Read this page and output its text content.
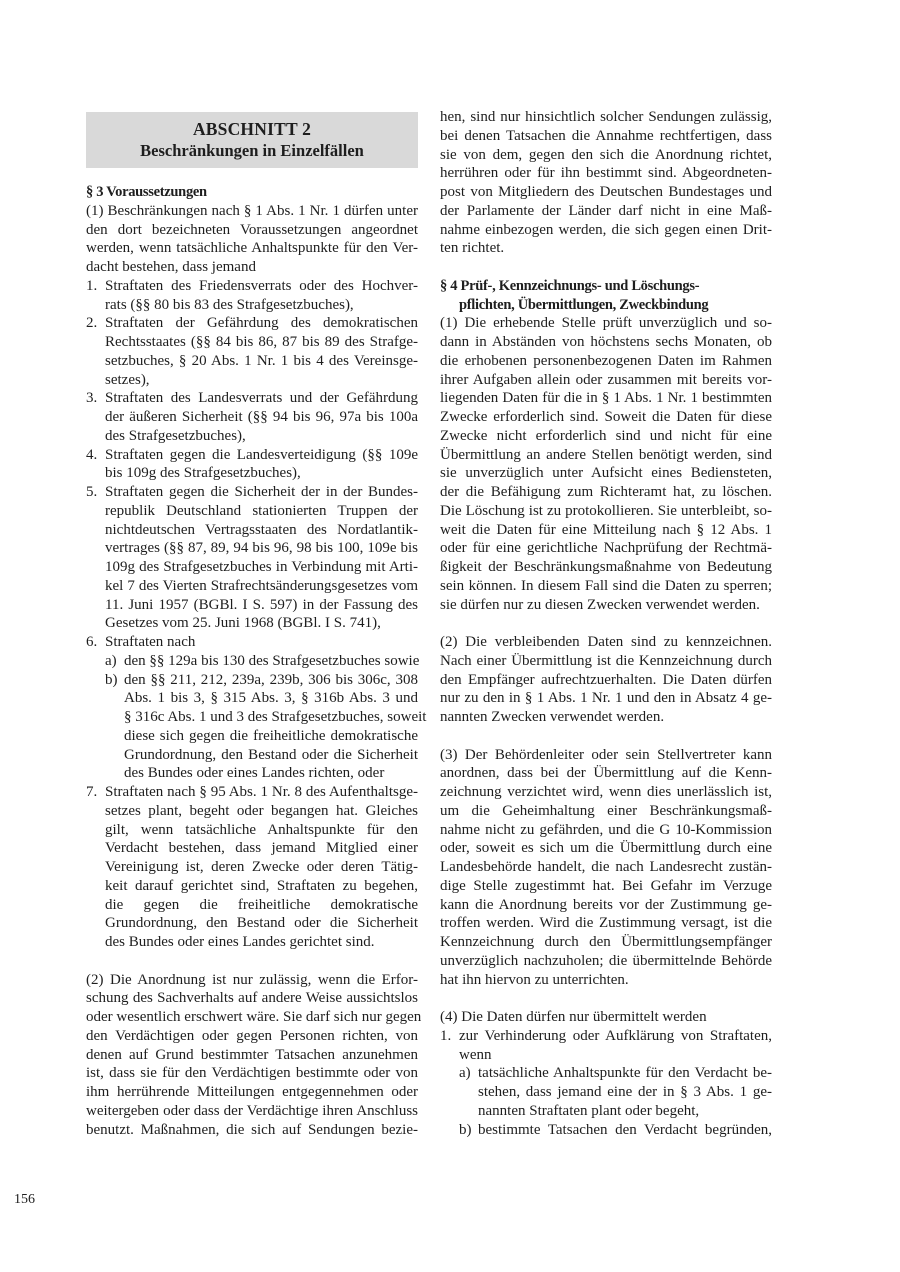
ABSCHNITT 2
Beschränkungen in Einzelfällen
§ 3 Voraussetzungen
(1) Beschränkungen nach § 1 Abs. 1 Nr. 1 dürfen unter
den dort bezeichneten Voraussetzungen angeordnet
werden, wenn tatsächliche Anhaltspunkte für den Ver-
dacht bestehen, dass jemand
1. Straftaten des Friedensverrats oder des Hochver-
rats (§§ 80 bis 83 des Strafgesetzbuches),
2. Straftaten der Gefährdung des demokratischen
Rechtsstaates (§§ 84 bis 86, 87 bis 89 des Strafge-
setzbuches, § 20 Abs. 1 Nr. 1 bis 4 des Vereinsge-
setzes),
3. Straftaten des Landesverrats und der Gefährdung
der äußeren Sicherheit (§§ 94 bis 96, 97a bis 100a
des Strafgesetzbuches),
4. Straftaten gegen die Landesverteidigung (§§ 109e
bis 109g des Strafgesetzbuches),
5. Straftaten gegen die Sicherheit der in der Bundes-
republik Deutschland stationierten Truppen der
nichtdeutschen Vertragsstaaten des Nordatlantik-
vertrages (§§ 87, 89, 94 bis 96, 98 bis 100, 109e bis
109g des Strafgesetzbuches in Verbindung mit Arti-
kel 7 des Vierten Strafrechtsänderungsgesetzes vom
11. Juni 1957 (BGBl. I S. 597) in der Fassung des
Gesetzes vom 25. Juni 1968 (BGBl. I S. 741),
6. Straftaten nach
a) den §§ 129a bis 130 des Strafgesetzbuches sowie
b) den §§ 211, 212, 239a, 239b, 306 bis 306c, 308
Abs. 1 bis 3, § 315 Abs. 3, § 316b Abs. 3 und
§ 316c Abs. 1 und 3 des Strafgesetzbuches, soweit
diese sich gegen die freiheitliche demokratische
Grundordnung, den Bestand oder die Sicherheit
des Bundes oder eines Landes richten, oder
7. Straftaten nach § 95 Abs. 1 Nr. 8 des Aufenthaltsge-
setzes plant, begeht oder begangen hat. Gleiches
gilt, wenn tatsächliche Anhaltspunkte für den
Verdacht bestehen, dass jemand Mitglied einer
Vereinigung ist, deren Zwecke oder deren Tätig-
keit darauf gerichtet sind, Straftaten zu begehen,
die gegen die freiheitliche demokratische
Grundordnung, den Bestand oder die Sicherheit
des Bundes oder eines Landes gerichtet sind.
(2) Die Anordnung ist nur zulässig, wenn die Erfor-
schung des Sachverhalts auf andere Weise aussichtslos
oder wesentlich erschwert wäre. Sie darf sich nur gegen
den Verdächtigen oder gegen Personen richten, von
denen auf Grund bestimmter Tatsachen anzunehmen
ist, dass sie für den Verdächtigen bestimmte oder von
ihm herrührende Mitteilungen entgegennehmen oder
weitergeben oder dass der Verdächtige ihren Anschluss
benutzt. Maßnahmen, die sich auf Sendungen bezie-
hen, sind nur hinsichtlich solcher Sendungen zulässig,
bei denen Tatsachen die Annahme rechtfertigen, dass
sie von dem, gegen den sich die Anordnung richtet,
herrühren oder für ihn bestimmt sind. Abgeordneten-
post von Mitgliedern des Deutschen Bundestages und
der Parlamente der Länder darf nicht in eine Maß-
nahme einbezogen werden, die sich gegen einen Drit-
ten richtet.
§ 4 Prüf-, Kennzeichnungs- und Löschungs-
pflichten, Übermittlungen, Zweckbindung
(1) Die erhebende Stelle prüft unverzüglich und so-
dann in Abständen von höchstens sechs Monaten, ob
die erhobenen personenbezogenen Daten im Rahmen
ihrer Aufgaben allein oder zusammen mit bereits vor-
liegenden Daten für die in § 1 Abs. 1 Nr. 1 bestimmten
Zwecke erforderlich sind. Soweit die Daten für diese
Zwecke nicht erforderlich sind und nicht für eine
Übermittlung an andere Stellen benötigt werden, sind
sie unverzüglich unter Aufsicht eines Bediensteten,
der die Befähigung zum Richteramt hat, zu löschen.
Die Löschung ist zu protokollieren. Sie unterbleibt, so-
weit die Daten für eine Mitteilung nach § 12 Abs. 1
oder für eine gerichtliche Nachprüfung der Rechtmä-
ßigkeit der Beschränkungsmaßnahme von Bedeutung
sein können. In diesem Fall sind die Daten zu sperren;
sie dürfen nur zu diesen Zwecken verwendet werden.
(2) Die verbleibenden Daten sind zu kennzeichnen.
Nach einer Übermittlung ist die Kennzeichnung durch
den Empfänger aufrechtzuerhalten. Die Daten dürfen
nur zu den in § 1 Abs. 1 Nr. 1 und den in Absatz 4 ge-
nannten Zwecken verwendet werden.
(3) Der Behördenleiter oder sein Stellvertreter kann
anordnen, dass bei der Übermittlung auf die Kenn-
zeichnung verzichtet wird, wenn dies unerlässlich ist,
um die Geheimhaltung einer Beschränkungsmaß-
nahme nicht zu gefährden, und die G 10-Kommission
oder, soweit es sich um die Übermittlung durch eine
Landesbehörde handelt, die nach Landesrecht zustän-
dige Stelle zugestimmt hat. Bei Gefahr im Verzuge
kann die Anordnung bereits vor der Zustimmung ge-
troffen werden. Wird die Zustimmung versagt, ist die
Kennzeichnung durch den Übermittlungsempfänger
unverzüglich nachzuholen; die übermittelnde Behörde
hat ihn hiervon zu unterrichten.
(4) Die Daten dürfen nur übermittelt werden
1. zur Verhinderung oder Aufklärung von Straftaten,
wenn
a) tatsächliche Anhaltspunkte für den Verdacht be-
stehen, dass jemand eine der in § 3 Abs. 1 ge-
nannten Straftaten plant oder begeht,
b) bestimmte Tatsachen den Verdacht begründen,
156
